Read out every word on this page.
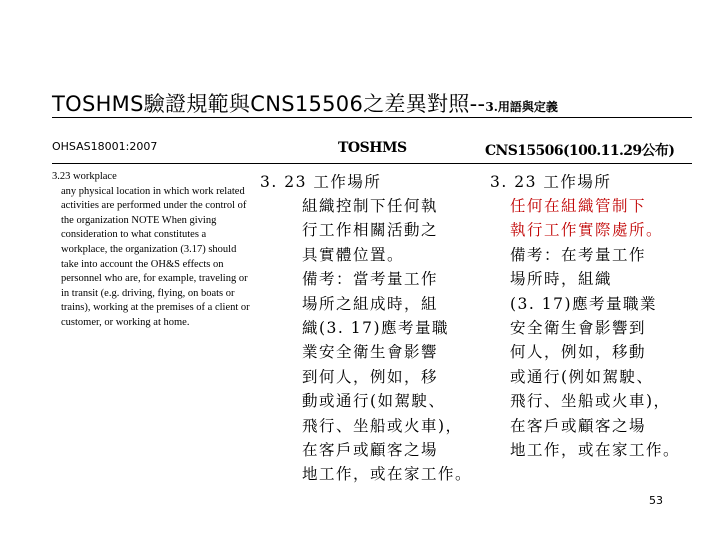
TOSHMS驗證規範與CNS15506之差異對照--3.用語與定義
OHSAS18001:2007	TOSHMS	CNS15506(100.11.29公布)
3.23 workplace
any physical location in which work related activities are performed under the control of the organization NOTE When giving consideration to what constitutes a workplace, the organization (3.17) should take into account the OH&S effects on personnel who are, for example, traveling or in transit (e.g. driving, flying, on boats or trains), working at the premises of a client or customer, or working at home.
3. 23 工作場所
組織控制下任何執
行工作相關活動之
具實體位置。
備考：當考量工作
場所之組成時，組
織(3. 17)應考量職
業安全衛生會影響
到何人，例如，移
動或通行(如駕駛、
飛行、坐船或火車)，
在客戶或顧客之場
地工作，或在家工作。
3. 23 工作場所
任何在組織管制下
執行工作實際處所。
備考：在考量工作
場所時，組織
(3. 17)應考量職業
安全衛生會影響到
何人，例如，移動
或通行(例如駕駛、
飛行、坐船或火車)，
在客戶或顧客之場
地工作，或在家工作。
53
